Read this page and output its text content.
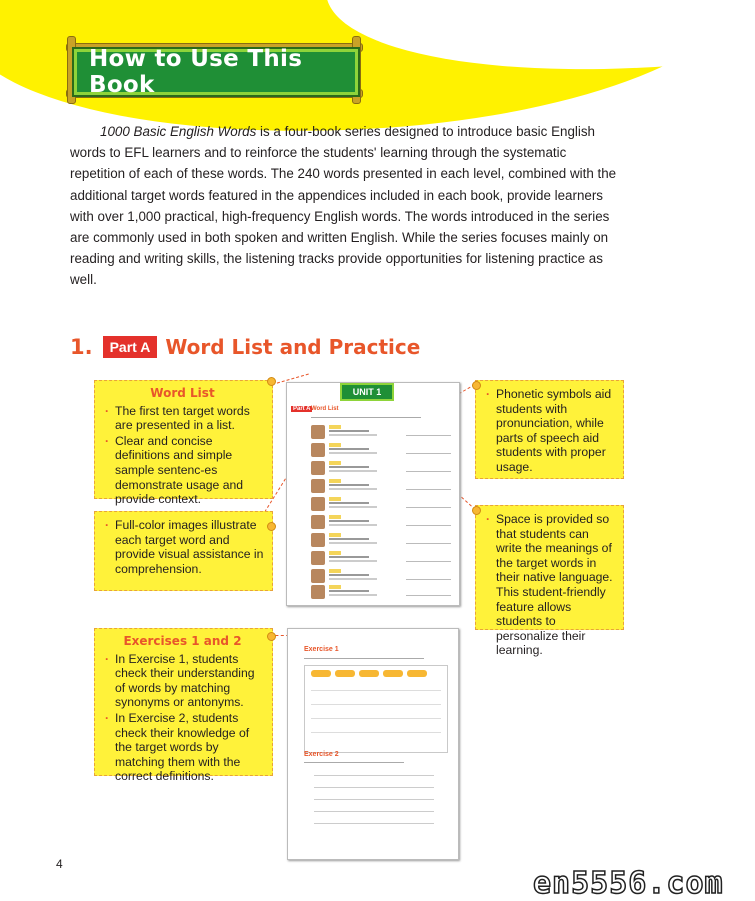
How to Use This Book
1000 Basic English Words is a four-book series designed to introduce basic English words to EFL learners and to reinforce the students' learning through the systematic repetition of each of these words. The 240 words presented in each level, combined with the additional target words featured in the appendices included in each book, provide learners with over 1,000 practical, high-frequency English words. The words introduced in the series are commonly used in both spoken and written English. While the series focuses mainly on reading and writing skills, the listening tracks provide opportunities for listening practice as well.
1.	Part A Word List and Practice
UNIT 1
Part A Word List
Exercise 1
Exercise 2
Word List
· The first ten target words are presented in a list.
· Clear and concise definitions and simple sample sentenc-es demonstrate usage and provide context.
· Full-color images illustrate each target word and provide visual assistance in comprehension.
· Phonetic symbols aid students with pronunciation, while parts of speech aid students with proper usage.
· Space is provided so that students can write the meanings of the target words in their native language. This student-friendly feature allows students to personalize their learning.
Exercises 1 and 2
· In Exercise 1, students check their understanding of words by matching synonyms or antonyms.
· In Exercise 2, students check their knowledge of the target words by matching them with the correct definitions.
4
en5556.com
